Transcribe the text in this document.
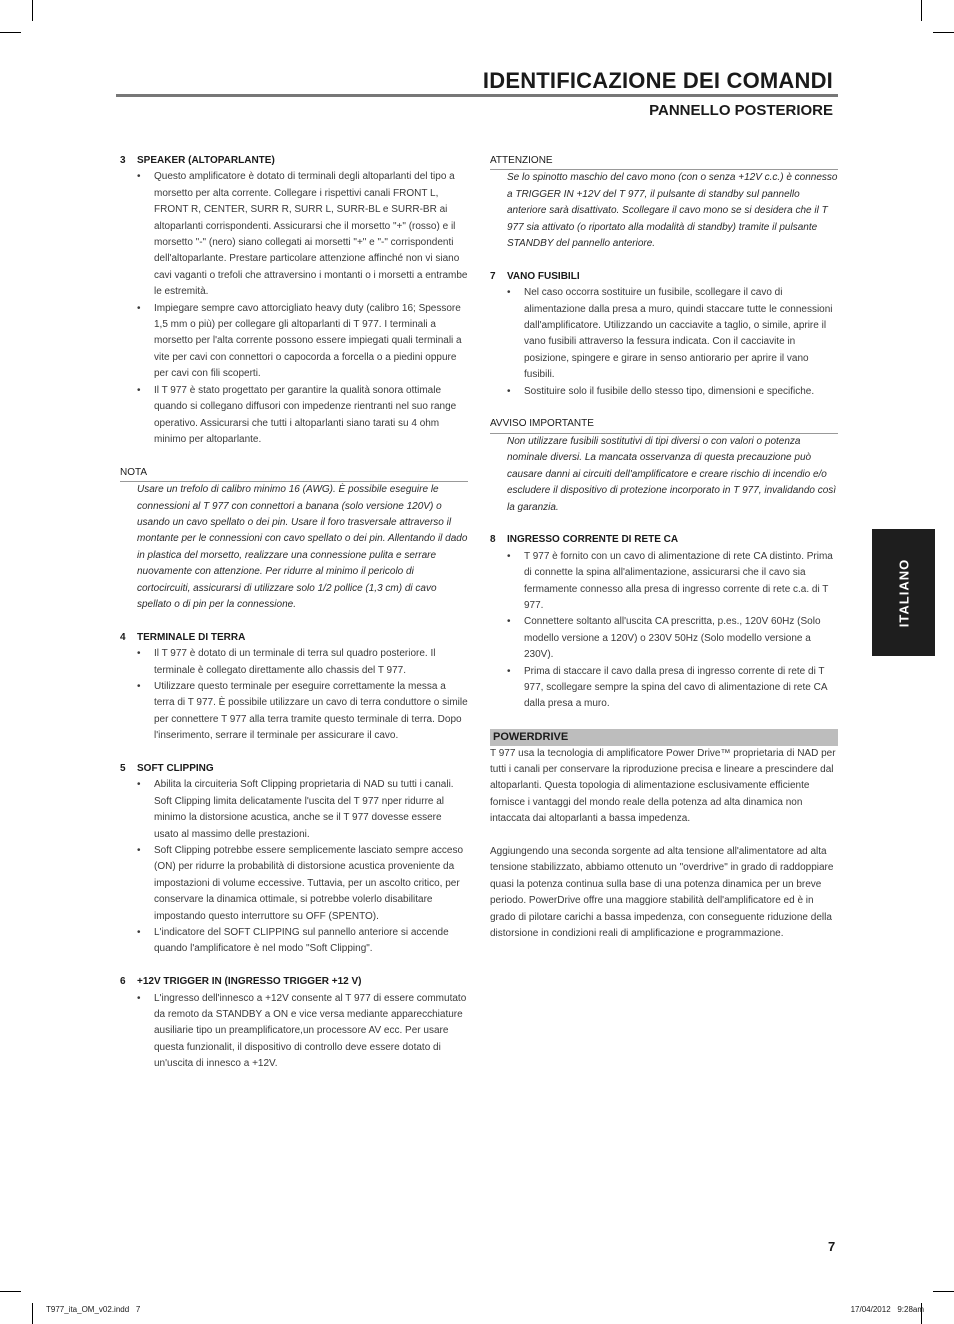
IDENTIFICAZIONE DEI COMANDI
PANNELLO POSTERIORE
3 SPEAKER (ALTOPARLANTE)
• Questo amplificatore è dotato di terminali degli altoparlanti del tipo a morsetto per alta corrente. Collegare i rispettivi canali FRONT L, FRONT R, CENTER, SURR R, SURR L, SURR-BL e SURR-BR ai altoparlanti corrispondenti. Assicurarsi che il morsetto "+" (rosso) e il morsetto "-" (nero) siano collegati ai morsetti "+" e "-" corrispondenti dell'altoparlante. Prestare particolare attenzione affinché non vi siano cavi vaganti o trefoli che attraversino i montanti o i morsetti a entrambe le estremità.
• Impiegare sempre cavo attorcigliato heavy duty (calibro 16; Spessore 1,5 mm o più) per collegare gli altoparlanti di T 977. I terminali a morsetto per l'alta corrente possono essere impiegati quali terminali a vite per cavi con connettori o capocorda a forcella o a piedini oppure per cavi con fili scoperti.
• Il T 977 è stato progettato per garantire la qualità sonora ottimale quando si collegano diffusori con impedenze rientranti nel suo range operativo. Assicurarsi che tutti i altoparlanti siano tarati su 4 ohm minimo per altoparlante.
NOTA
Usare un trefolo di calibro minimo 16 (AWG). È possibile eseguire le connessioni al T 977 con connettori a banana (solo versione 120V) o usando un cavo spellato o dei pin. Usare il foro trasversale attraverso il montante per le connessioni con cavo spellato o dei pin. Allentando il dado in plastica del morsetto, realizzare una connessione pulita e serrare nuovamente con attenzione. Per ridurre al minimo il pericolo di cortocircuiti, assicurarsi di utilizzare solo 1/2 pollice (1,3 cm) di cavo spellato o di pin per la connessione.
4 TERMINALE DI TERRA
• Il T 977 è dotato di un terminale di terra sul quadro posteriore. Il terminale è collegato direttamente allo chassis del T 977.
• Utilizzare questo terminale per eseguire correttamente la messa a terra di T 977. È possibile utilizzare un cavo di terra conduttore o simile per connettere T 977 alla terra tramite questo terminale di terra. Dopo l'inserimento, serrare il terminale per assicurare il cavo.
5 SOFT CLIPPING
• Abilita la circuiteria Soft Clipping proprietaria di NAD su tutti i canali. Soft Clipping limita delicatamente l'uscita del T 977 nper ridurre al minimo la distorsione acustica, anche se il T 977 dovesse essere usato al massimo delle prestazioni.
• Soft Clipping potrebbe essere semplicemente lasciato sempre acceso (ON) per ridurre la probabilità di distorsione acustica proveniente da impostazioni di volume eccessive. Tuttavia, per un ascolto critico, per conservare la dinamica ottimale, si potrebbe volerlo disabilitare impostando questo interruttore su OFF (SPENTO).
• L'indicatore del SOFT CLIPPING sul pannello anteriore si accende quando l'amplificatore è nel modo "Soft Clipping".
6 +12V TRIGGER IN (INGRESSO TRIGGER +12 V)
• L'ingresso dell'innesco a +12V consente al T 977 di essere commutato da remoto da STANDBY a ON e vice versa mediante apparecchiature ausiliarie tipo un preamplificatore,un processore AV ecc. Per usare questa funzionalit, il dispositivo di controllo deve essere dotato di un'uscita di innesco a +12V.
ATTENZIONE
Se lo spinotto maschio del cavo mono (con o senza +12V c.c.) è connesso a TRIGGER IN +12V del T 977, il pulsante di standby sul pannello anteriore sarà disattivato. Scollegare il cavo mono se si desidera che il T 977 sia attivato (o riportato alla modalità di standby) tramite il pulsante STANDBY del pannello anteriore.
7 VANO FUSIBILI
• Nel caso occorra sostituire un fusibile, scollegare il cavo di alimentazione dalla presa a muro, quindi staccare tutte le connessioni dall'amplificatore. Utilizzando un cacciavite a taglio, o simile, aprire il vano fusibili attraverso la fessura indicata. Con il cacciavite in posizione, spingere e girare in senso antiorario per aprire il vano fusibili.
• Sostituire solo il fusibile dello stesso tipo, dimensioni e specifiche.
AVVISO IMPORTANTE
Non utilizzare fusibili sostitutivi di tipi diversi o con valori o potenza nominale diversi. La mancata osservanza di questa precauzione può causare danni ai circuiti dell'amplificatore e creare rischio di incendio e/o escludere il dispositivo di protezione incorporato in T 977, invalidando così la garanzia.
8 INGRESSO CORRENTE DI RETE CA
• T 977 è fornito con un cavo di alimentazione di rete CA distinto. Prima di connette la spina all'alimentazione, assicurarsi che il cavo sia fermamente connesso alla presa di ingresso corrente di rete c.a. di T 977.
• Connettere soltanto all'uscita CA prescritta, p.es., 120V 60Hz (Solo modello versione a 120V) o 230V 50Hz (Solo modello versione a 230V).
• Prima di staccare il cavo dalla presa di ingresso corrente di rete di T 977, scollegare sempre la spina del cavo di alimentazione di rete CA dalla presa a muro.
POWERDRIVE
T 977 usa la tecnologia di amplificatore Power Drive™ proprietaria di NAD per tutti i canali per conservare la riproduzione precisa e lineare a prescindere dal altoparlanti. Questa topologia di alimentazione esclusivamente efficiente fornisce i vantaggi del mondo reale della potenza ad alta dinamica non intaccata dai altoparlanti a bassa impedenza.
Aggiungendo una seconda sorgente ad alta tensione all'alimentatore ad alta tensione stabilizzato, abbiamo ottenuto un "overdrive" in grado di raddoppiare quasi la potenza continua sulla base di una potenza dinamica per un breve periodo. PowerDrive offre una maggiore stabilità dell'amplificatore ed è in grado di pilotare carichi a bassa impedenza, con conseguente riduzione della distorsione in condizioni reali di amplificazione e programmazione.
ITALIANO
7
T977_ita_OM_v02.indd   7	17/04/2012   9:28am
